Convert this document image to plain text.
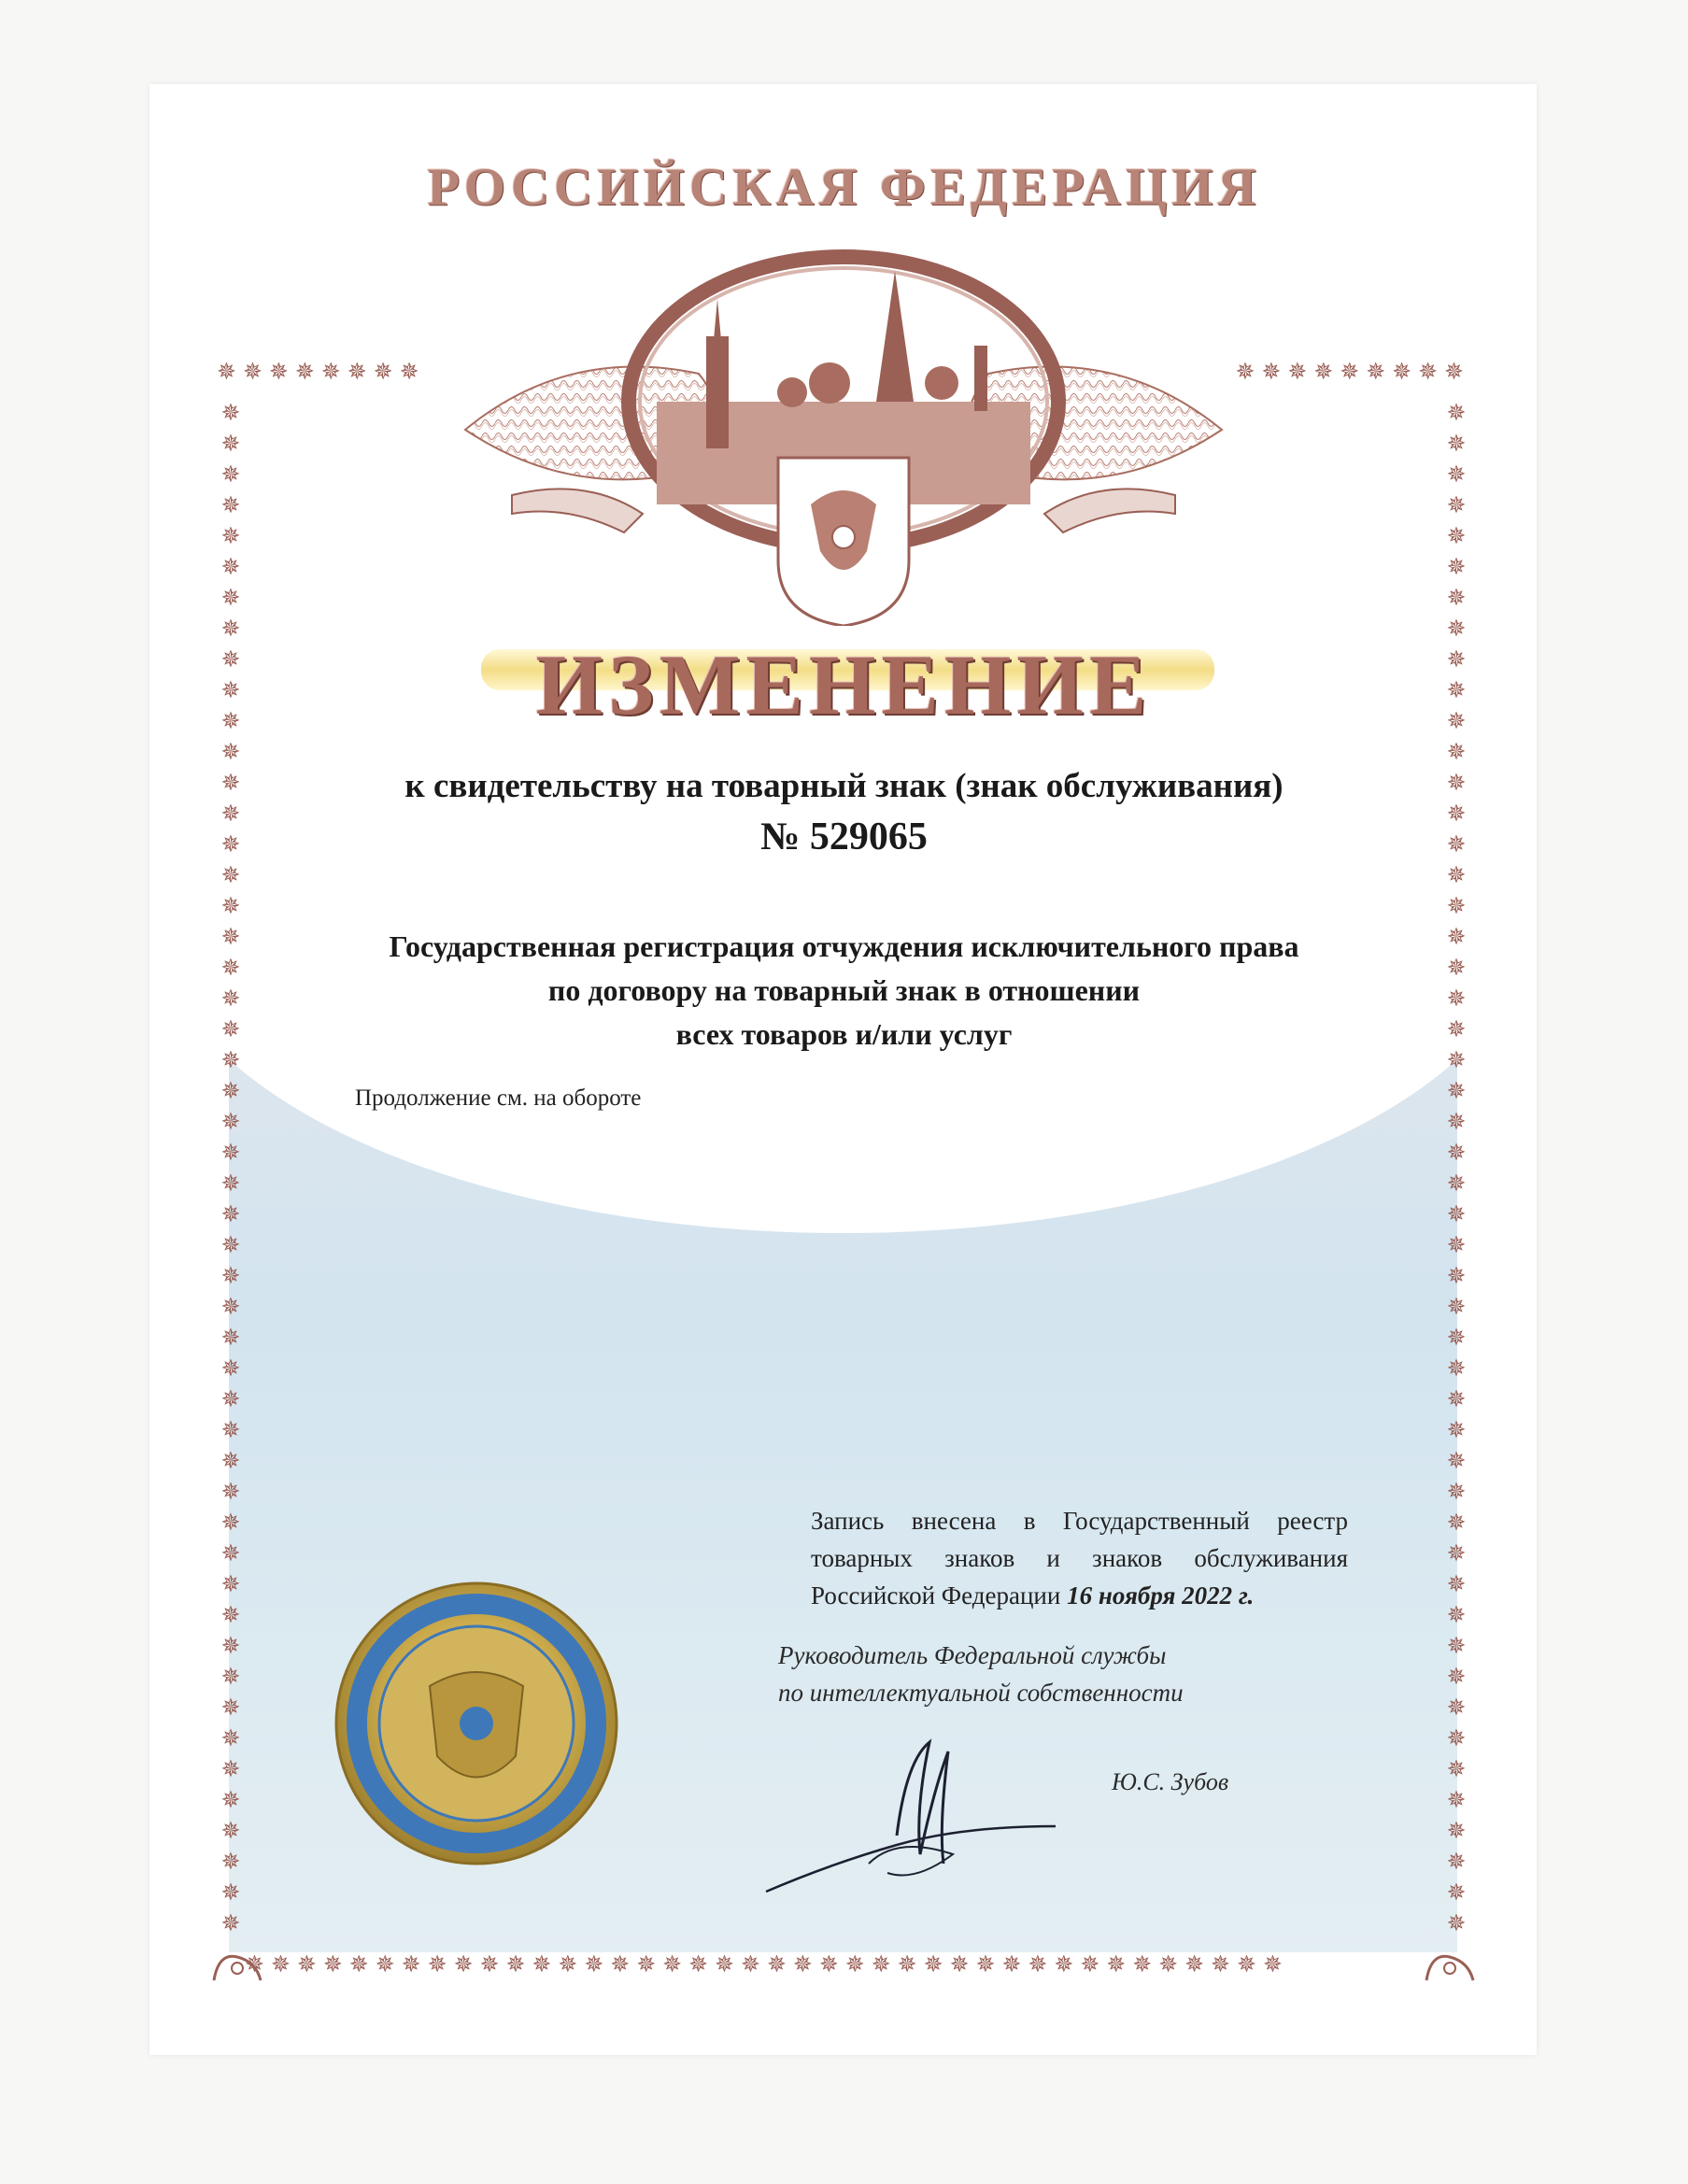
✵✵✵✵✵✵✵✵	✵✵✵✵✵✵✵✵✵
✵
✵
✵
✵
✵
✵
✵
✵
✵
✵
✵
✵
✵
✵
✵
✵
✵
✵
✵
✵
✵
✵
✵
✵
✵
✵
✵
✵
✵
✵
✵
✵
✵
✵
✵
✵
✵
✵
✵
✵
✵
✵
✵
✵
✵
✵
✵
✵
✵
✵
✵
✵
✵
✵
✵
✵
✵
✵
✵
✵
✵
✵
✵
✵
✵
✵
✵
✵
✵
✵
✵
✵
✵
✵
✵
✵
✵
✵
✵
✵
✵
✵
✵
✵
✵
✵
✵
✵
✵
✵
✵
✵
✵
✵
✵
✵
✵
✵
✵
✵
✵✵✵✵✵✵✵✵✵✵✵✵✵✵✵✵✵✵✵✵✵✵✵✵✵✵✵✵✵✵✵✵✵✵✵✵✵✵✵✵
РОССИЙСКАЯ ФЕДЕРАЦИЯ
ИЗМЕНЕНИЕ
к свидетельству на товарный знак (знак обслуживания)
№ 529065
Государственная регистрация отчуждения исключительного права
по договору на товарный знак в отношении
всех товаров и/или услуг
Продолжение см. на обороте
Запись внесена в Государственный реестр
товарных знаков и знаков обслуживания
Российской Федерации 16 ноября 2022 г.
Руководитель Федеральной службы
по интеллектуальной собственности
Ю.С. Зубов
